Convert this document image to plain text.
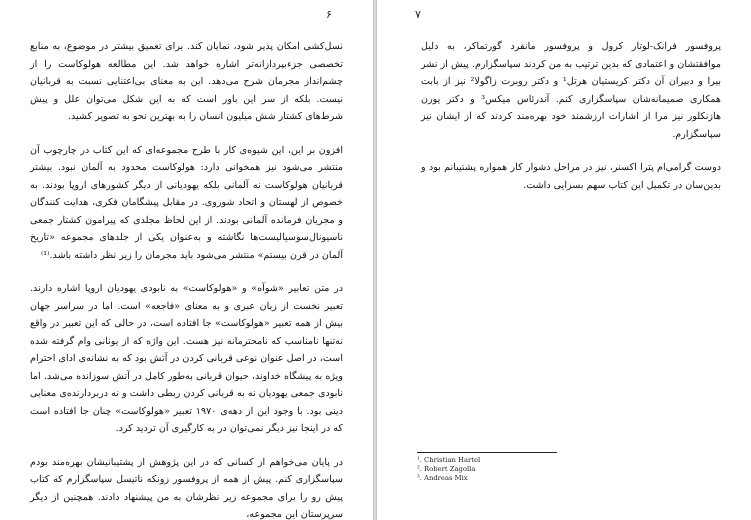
۶

نسل‌کشی امکان پذیر شود، نمایان کند. برای تعمیق بیشتر در موضوع، به منابع تخصصی جزءبپردازانه‌تر اشاره خواهد شد. این مطالعه هولوکاست را از چشم‌انداز مجرمان شرح می‌دهد. این به معنای بی‌اعتنایی نسبت به قربانیان نیست. بلکه از سر این باور است که به این شکل می‌توان علل و پیش شرط‌های کشتار شش میلیون انسان را به بهترین نحو به تصویر کشید.

افزون بر این، این شیوه‌ی کار با طرح مجموعه‌ای که این کتاب در چارچوب آن منتشر می‌شود نیز همخوانی دارد: هولوکاست محدود به آلمان نبود. بیشتر قربانیان هولوکاست نه آلمانی بلکه یهودیانی از دیگر کشورهای اروپا بودند. به خصوص از لهستان و اتحاد شوروی. در مقابل پیشگامان فکری، هدایت کنندگان و مجریان فرمانده آلمانی بودند. از این لحاظ مجلدی که پیرامون کشتار جمعی ناسیونال‌سوسیالیست‌ها نگاشته و به‌عنوان یکی از جلدهای مجموعه «تاریخ آلمان در قرن بیستم» منتشر می‌شود باید مجرمان را زیر نظر داشته باشد.⁽¹⁾

در متن تعابیر «شوآه» و «هولوکاست» به نابودی یهودیان اروپا اشاره دارند. تعبیر نخست از زبان عبری و به معنای «فاجعه» است. اما در سراسر جهان بیش از همه تعبیر «هولوکاست» جا افتاده است، در حالی که این تعبیر در واقع نه‌تنها نامناسب که نامحترمانه نیز هست. این واژه که از یونانی وام گرفته شده است، در اصل عنوان نوعی قربانی کردن در آتش بود که به نشانه‌ی ادای احترام ویژه به پیشگاه خداوند، حیوان قربانی به‌طور کامل در آتش سوزانده می‌شد. اما نابودی جمعی یهودیان نه به قربانی کردن ربطی داشت و نه دربردارنده‌ی معنایی دینی بود. با وجود این از دهه‌ی ۱۹۷۰ تعبیر «هولوکاست» چنان جا افتاده است که در اینجا نیز دیگر نمی‌توان در به کارگیری آن تردید کرد.

در پایان می‌خواهم از کسانی که در این پژوهش از پشتیبانیشان بهره‌مند بودم سپاسگزاری کنم. پیش از همه از پروفسور زونکه ناتیسل سپاسگزارم که کتاب پیش رو را برای مجموعه زیر نظرشان به من پیشنهاد دادند. همچنین از دیگر سرپرستان این مجموعه،

۷

پروفسور فرانک-لوتار کرول و پروفسور مانفرد گورتماکر، به دلیل موافقتشان و اعتمادی که بدین ترتیب به من کردند سپاسگزارم. پیش از نشر بیرا و دبیران آن دکتر کریستیان هرتل¹ و دکتر روبرت زاگولا² نیز از بابت همکاری صمیمانه‌شان سپاسگزاری کنم. آندرئاس میکس³ و دکتر یورن هازنکلور نیز مرا از اشارات ارزشمند خود بهره‌مند کردند که از ایشان نیز سپاسگزارم.

دوست گرامی‌ام پترا اکسنر، نیز در مراحل دشوار کار همواره پشتیبانم بود و بدین‌سان در تکمیل این کتاب سهم بسزایی داشت.

¹. Christian Hartel
². Robert Zagolla
³. Andreas Mix
